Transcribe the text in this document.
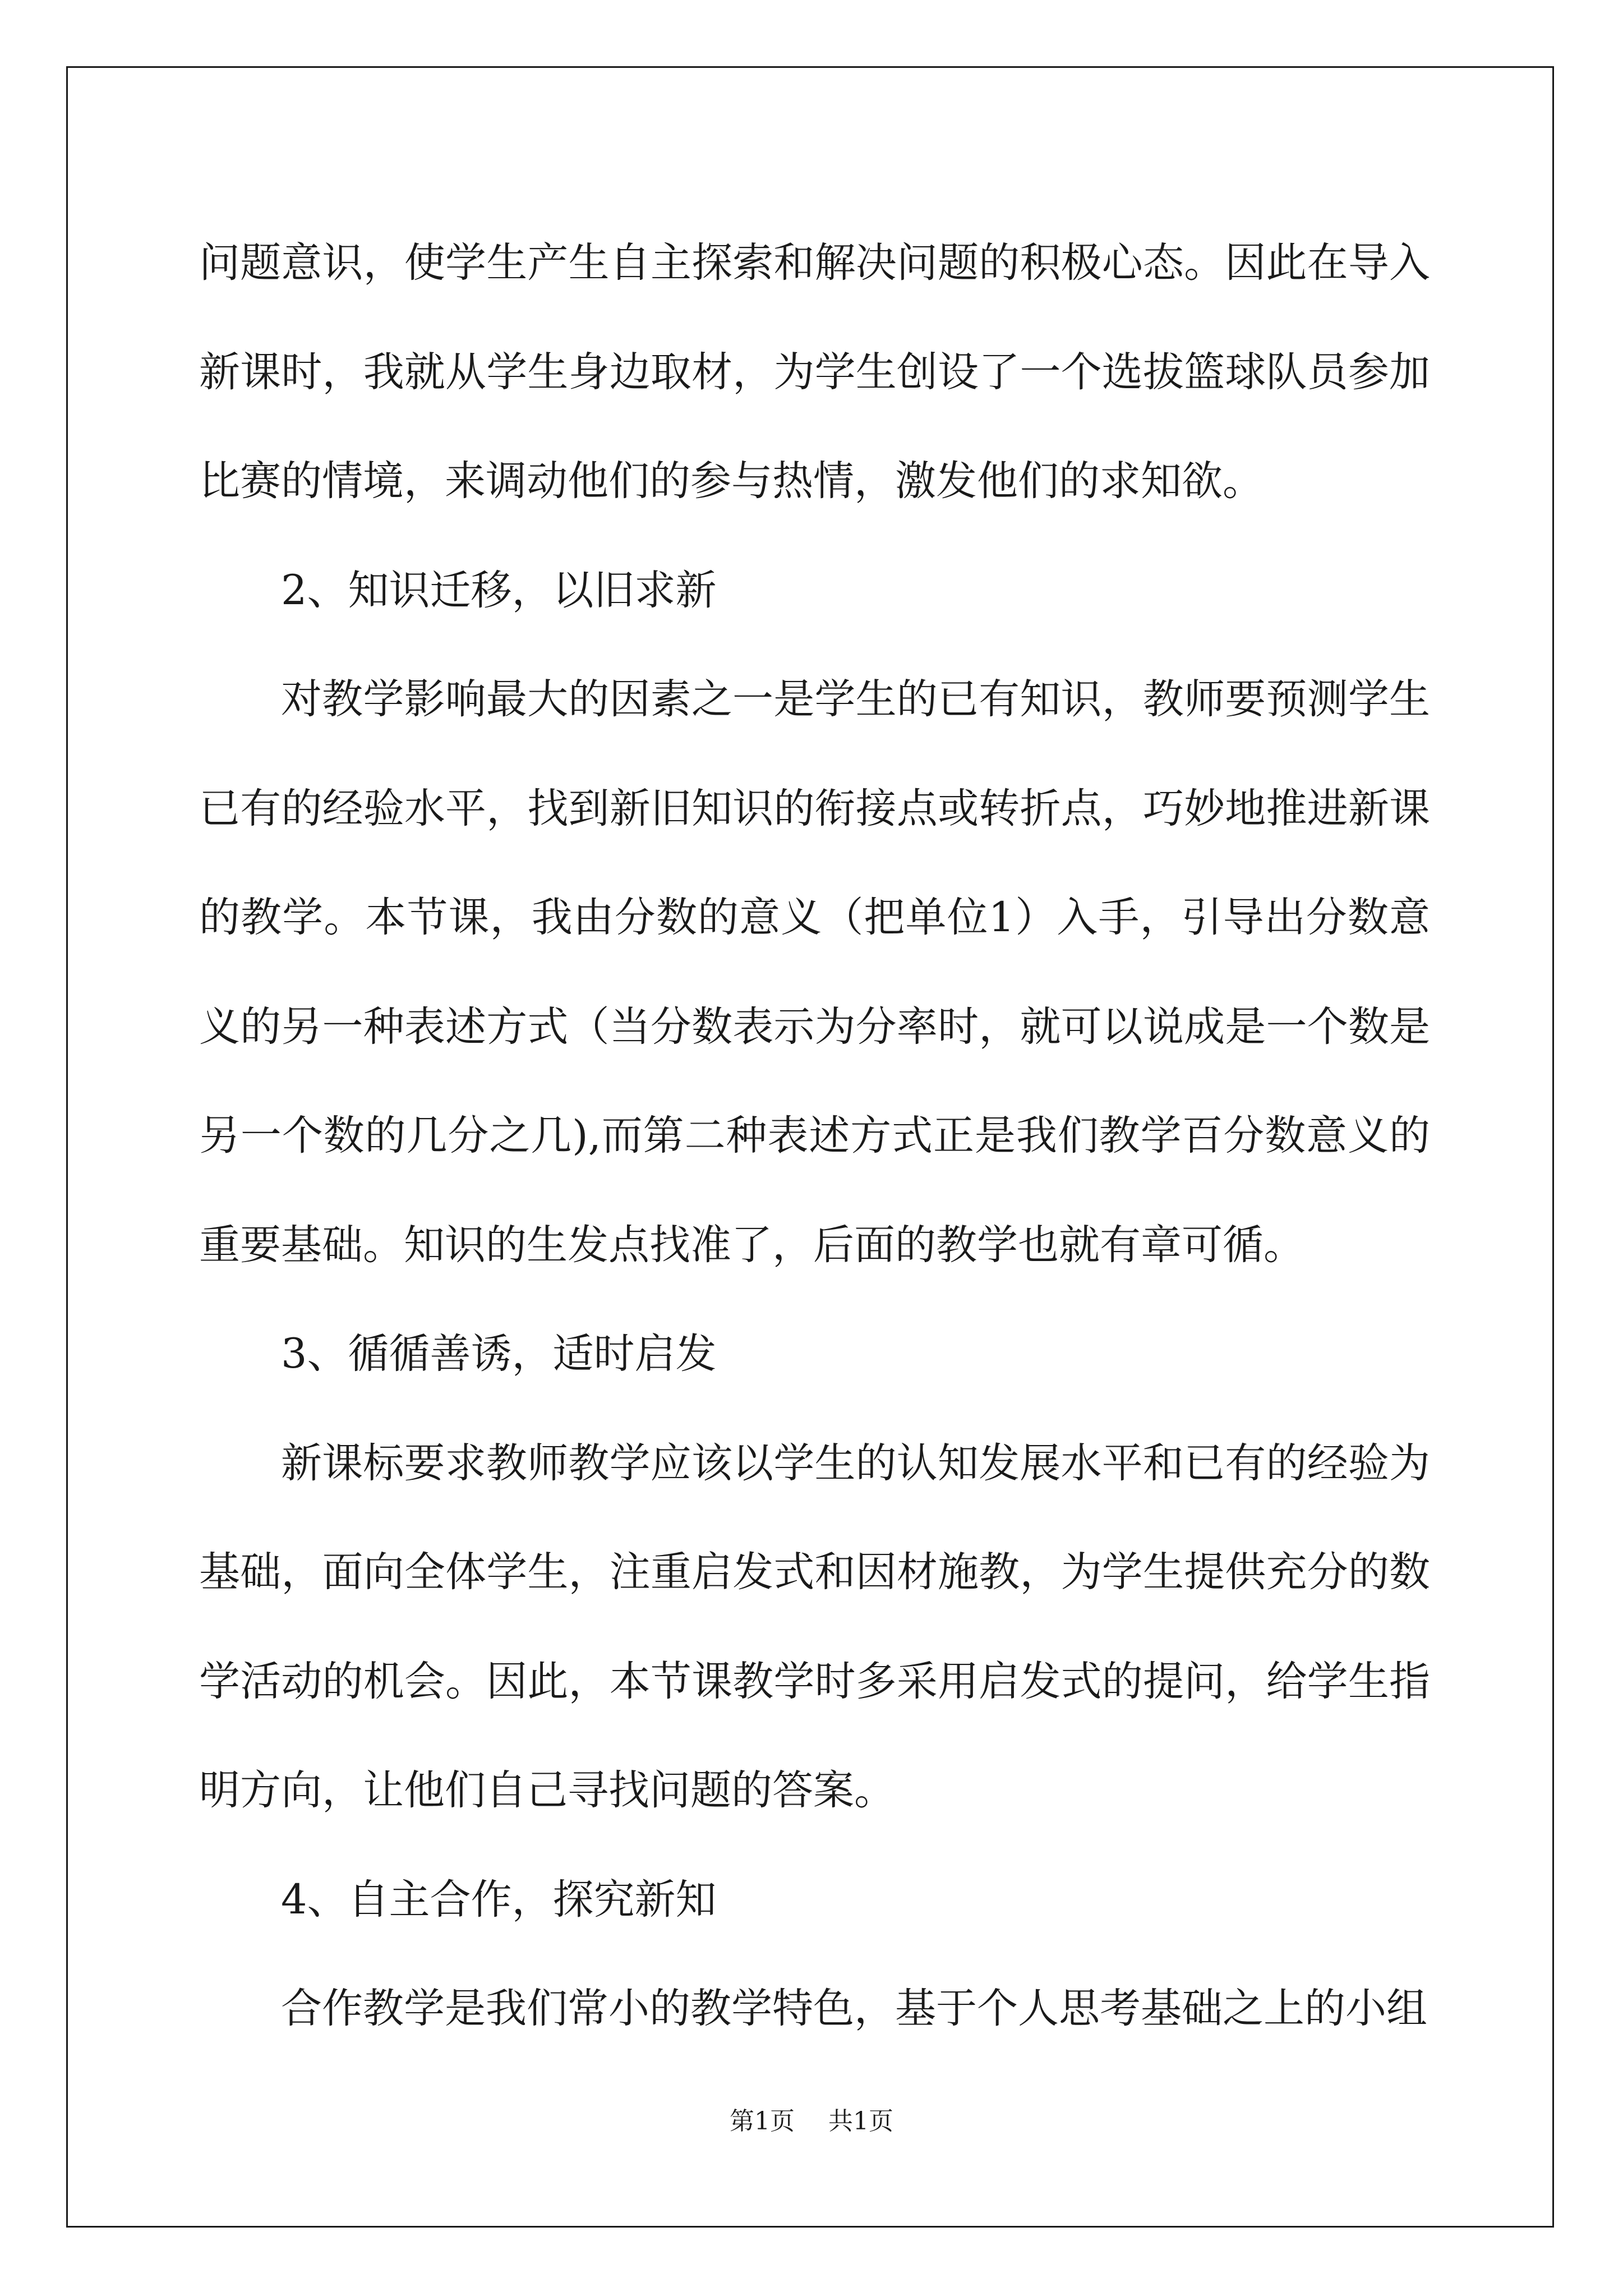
问题意识，使学生产生自主探索和解决问题的积极心态。因此在导入新课时，我就从学生身边取材，为学生创设了一个选拔篮球队员参加比赛的情境，来调动他们的参与热情，激发他们的求知欲。

2、知识迁移，以旧求新

对教学影响最大的因素之一是学生的已有知识，教师要预测学生已有的经验水平，找到新旧知识的衔接点或转折点，巧妙地推进新课的教学。本节课，我由分数的意义（把单位1）入手，引导出分数意义的另一种表述方式（当分数表示为分率时，就可以说成是一个数是另一个数的几分之几),而第二种表述方式正是我们教学百分数意义的重要基础。知识的生发点找准了，后面的教学也就有章可循。

3、循循善诱，适时启发

新课标要求教师教学应该以学生的认知发展水平和已有的经验为基础，面向全体学生，注重启发式和因材施教，为学生提供充分的数学活动的机会。因此，本节课教学时多采用启发式的提问，给学生指明方向，让他们自己寻找问题的答案。

4、自主合作，探究新知

合作教学是我们常小的教学特色，基于个人思考基础之上的小组

第1页 共1页
